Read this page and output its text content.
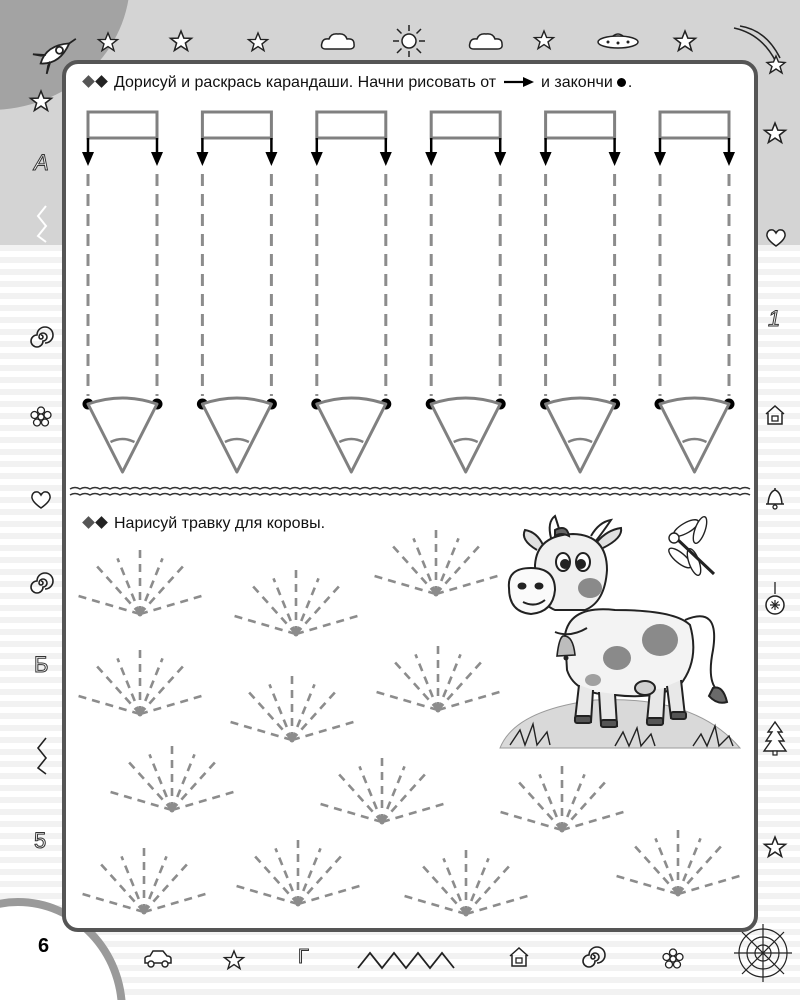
6
А
Б
5
1
Г
Дорисуй и раскрась карандаши. Начни рисовать от	и закончи .
Нарисуй травку для коровы.
